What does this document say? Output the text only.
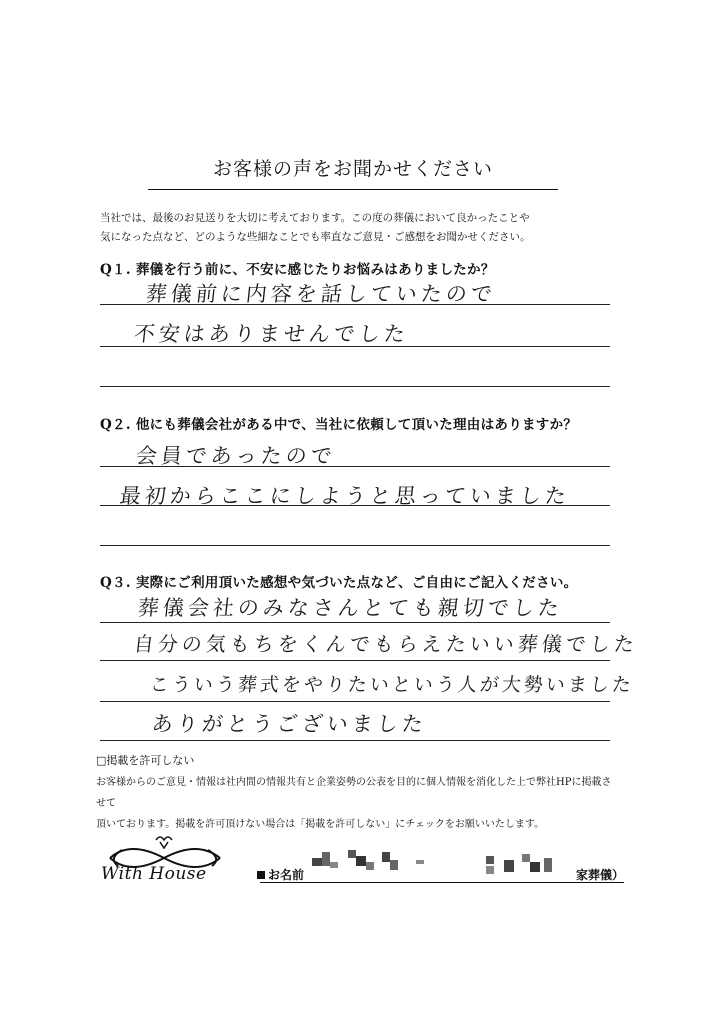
お客様の声をお聞かせください
当社では、最後のお見送りを大切に考えております。この度の葬儀において良かったことや
気になった点など、どのような些細なことでも率直なご意見・ご感想をお聞かせください。
Q１. 葬儀を行う前に、不安に感じたりお悩みはありましたか？
葬儀前に内容を話していたので
不安はありませんでした
Q２. 他にも葬儀会社がある中で、当社に依頼して頂いた理由はありますか？
会員であったので
最初からここにしようと思っていました
Q３. 実際にご利用頂いた感想や気づいた点など、ご自由にご記入ください。
葬儀会社のみなさんとても親切でした
自分の気もちをくんでもらえたいい葬儀でした
こういう葬式をやりたいという人が大勢いました
ありがとうございました
□掲載を許可しない
お客様からのご意見・情報は社内間の情報共有と企業姿勢の公表を目的に個人情報を消化した上で弊社HPに掲載させて
頂いております。掲載を許可頂けない場合は「掲載を許可しない」にチェックをお願いいたします。
With House	お名前	家葬儀）
